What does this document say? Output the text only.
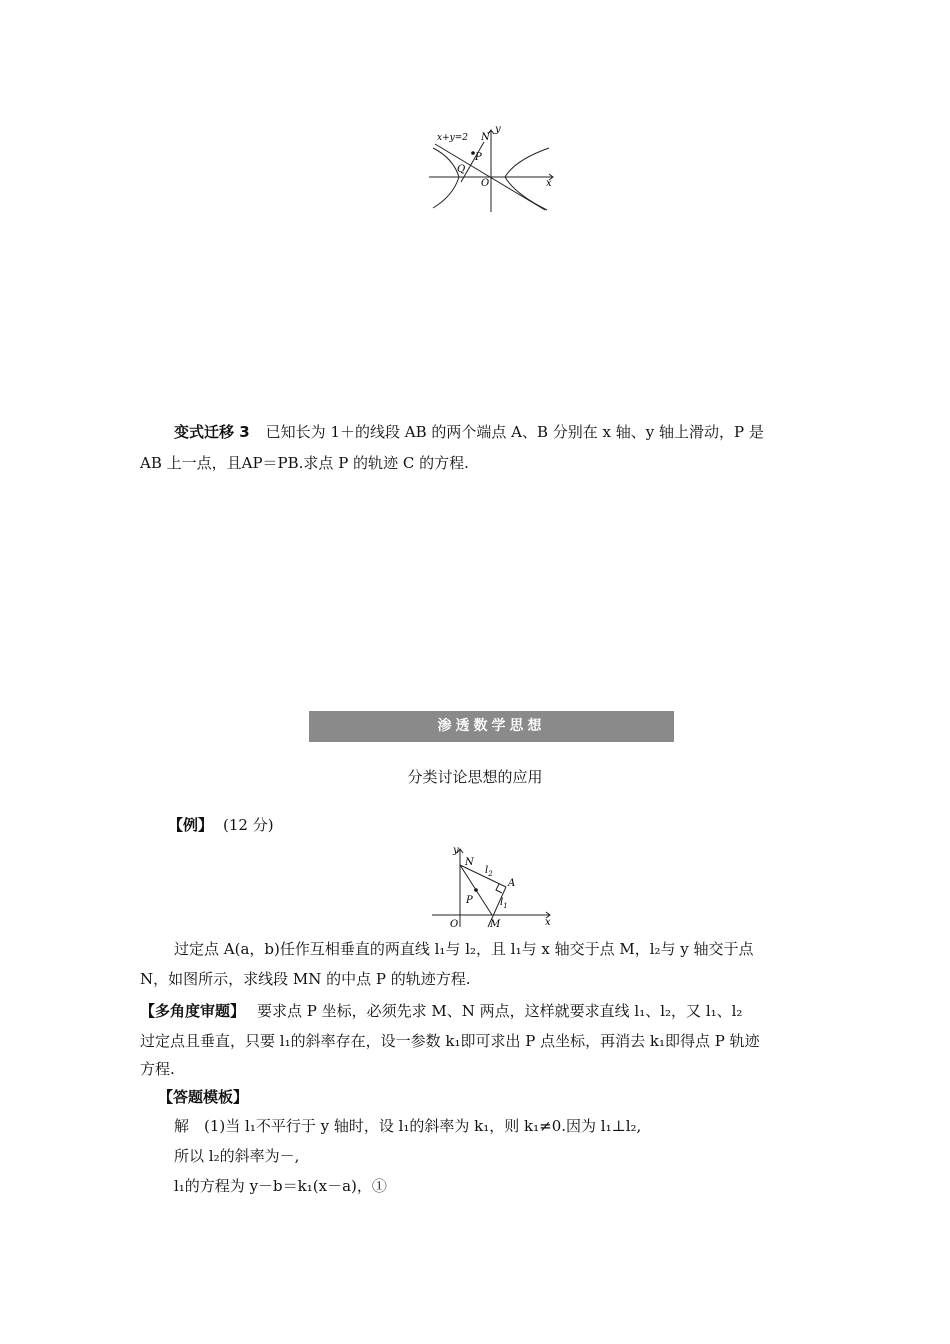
x+y=2 N
y
P
Q
O	x
变式迁移 3 已知长为 1＋的线段 AB 的两个端点 A、B 分别在 x 轴、y 轴上滑动，P 是
AB 上一点，且AP＝PB.求点 P 的轨迹 C 的方程.
渗透数学思想
分类讨论思想的应用
【例】 (12 分)
y
N
$l_2$
A
P	$l_1$
O	M	x
过定点 A(a，b)任作互相垂直的两直线 l₁与 l₂，且 l₁与 x 轴交于点 M，l₂与 y 轴交于点
N，如图所示，求线段 MN 的中点 P 的轨迹方程.
【多角度审题】 要求点 P 坐标，必须先求 M、N 两点，这样就要求直线 l₁、l₂，又 l₁、l₂
过定点且垂直，只要 l₁的斜率存在，设一参数 k₁即可求出 P 点坐标，再消去 k₁即得点 P 轨迹
方程.
【答题模板】
解　(1)当 l₁不平行于 y 轴时，设 l₁的斜率为 k₁，则 k₁≠0.因为 l₁⊥l₂,
所以 l₂的斜率为－,
l₁的方程为 y－b＝k₁(x－a)，①
